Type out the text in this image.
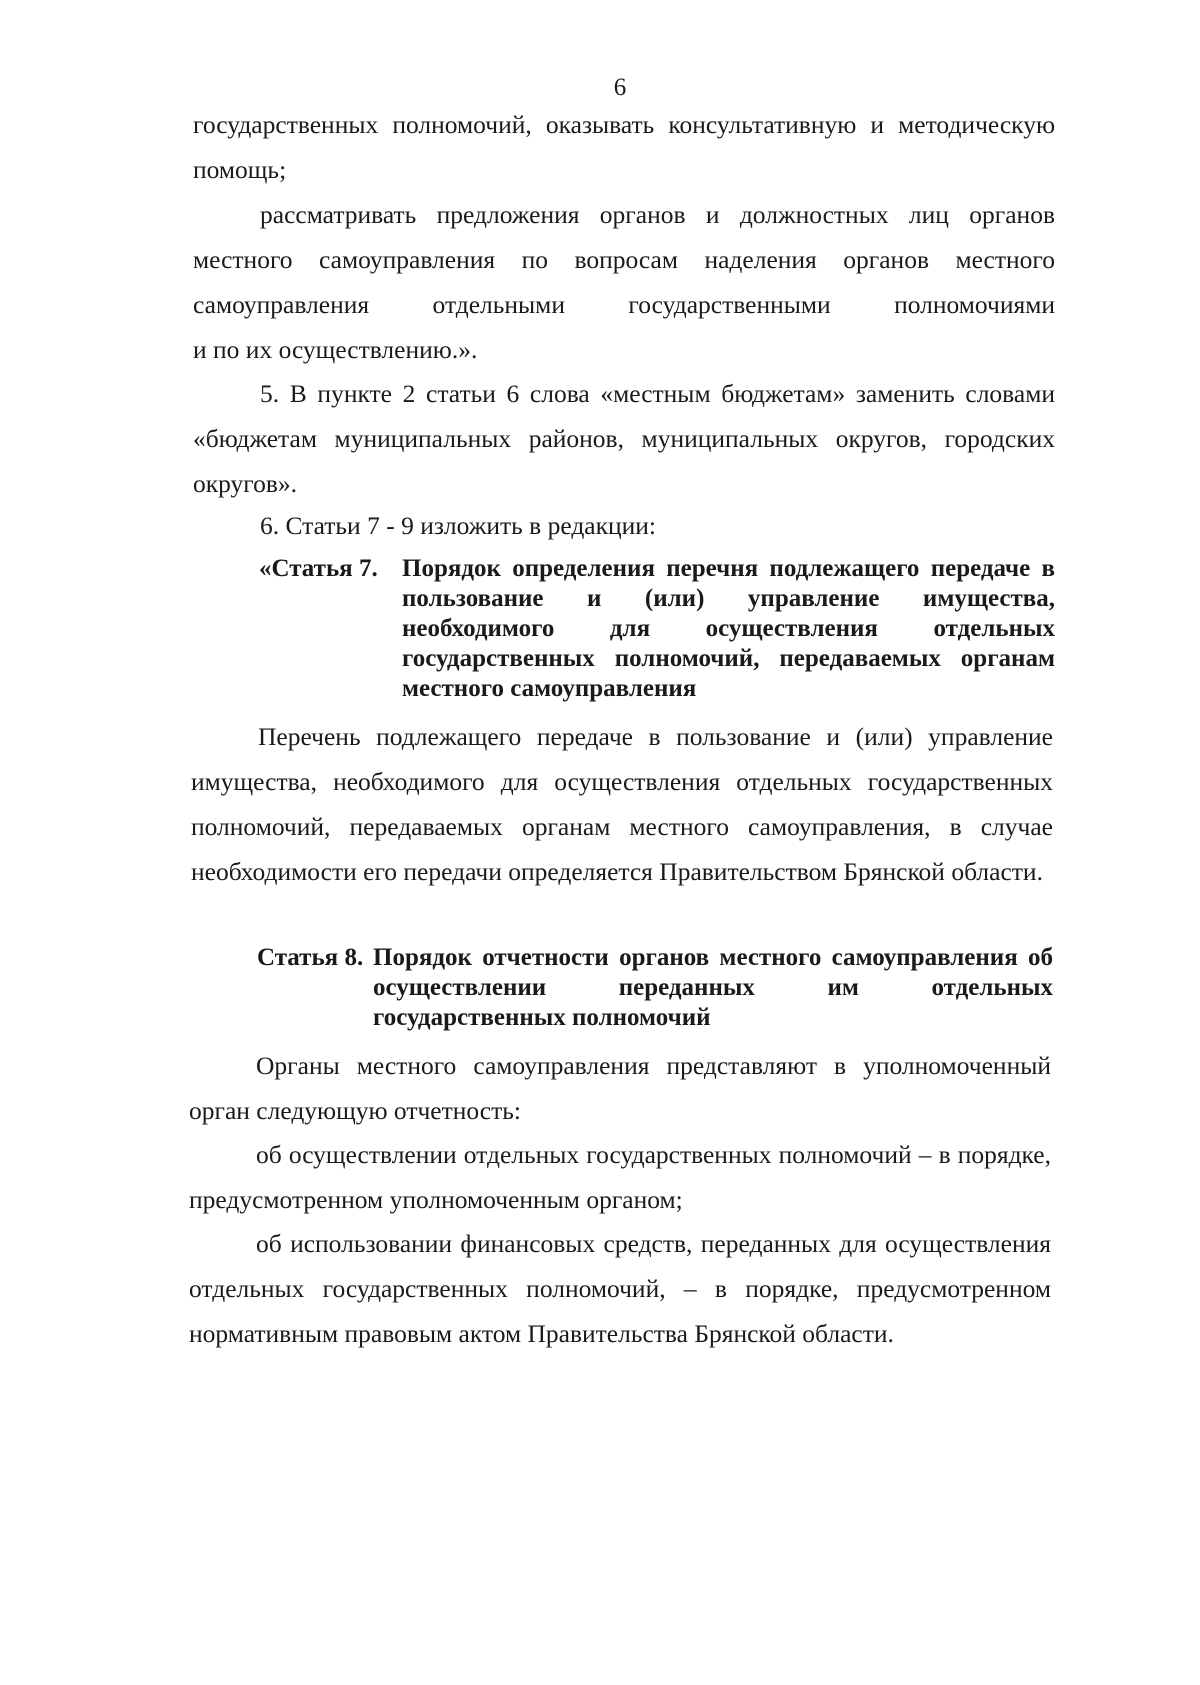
6

государственных полномочий, оказывать консультативную и методическую помощь;

рассматривать предложения органов и должностных лиц органов местного самоуправления по вопросам наделения органов местного самоуправления отдельными государственными полномочиями

и по их осуществлению.».

5. В пункте 2 статьи 6 слова «местным бюджетам» заменить словами «бюджетам муниципальных районов, муниципальных округов, городских округов».

6. Статьи 7 - 9 изложить в редакции:

«Статья 7. Порядок определения перечня подлежащего передаче в пользование и (или) управление имущества, необходимого для осуществления отдельных государственных полномочий, передаваемых органам местного самоуправления

Перечень подлежащего передаче в пользование и (или) управление имущества, необходимого для осуществления отдельных государственных полномочий, передаваемых органам местного самоуправления, в случае необходимости его передачи определяется Правительством Брянской области.

Статья 8. Порядок отчетности органов местного самоуправления об осуществлении переданных им отдельных государственных полномочий

Органы местного самоуправления представляют в уполномоченный орган следующую отчетность:

об осуществлении отдельных государственных полномочий – в порядке, предусмотренном уполномоченным органом;

об использовании финансовых средств, переданных для осуществления отдельных государственных полномочий, – в порядке, предусмотренном нормативным правовым актом Правительства Брянской области.
